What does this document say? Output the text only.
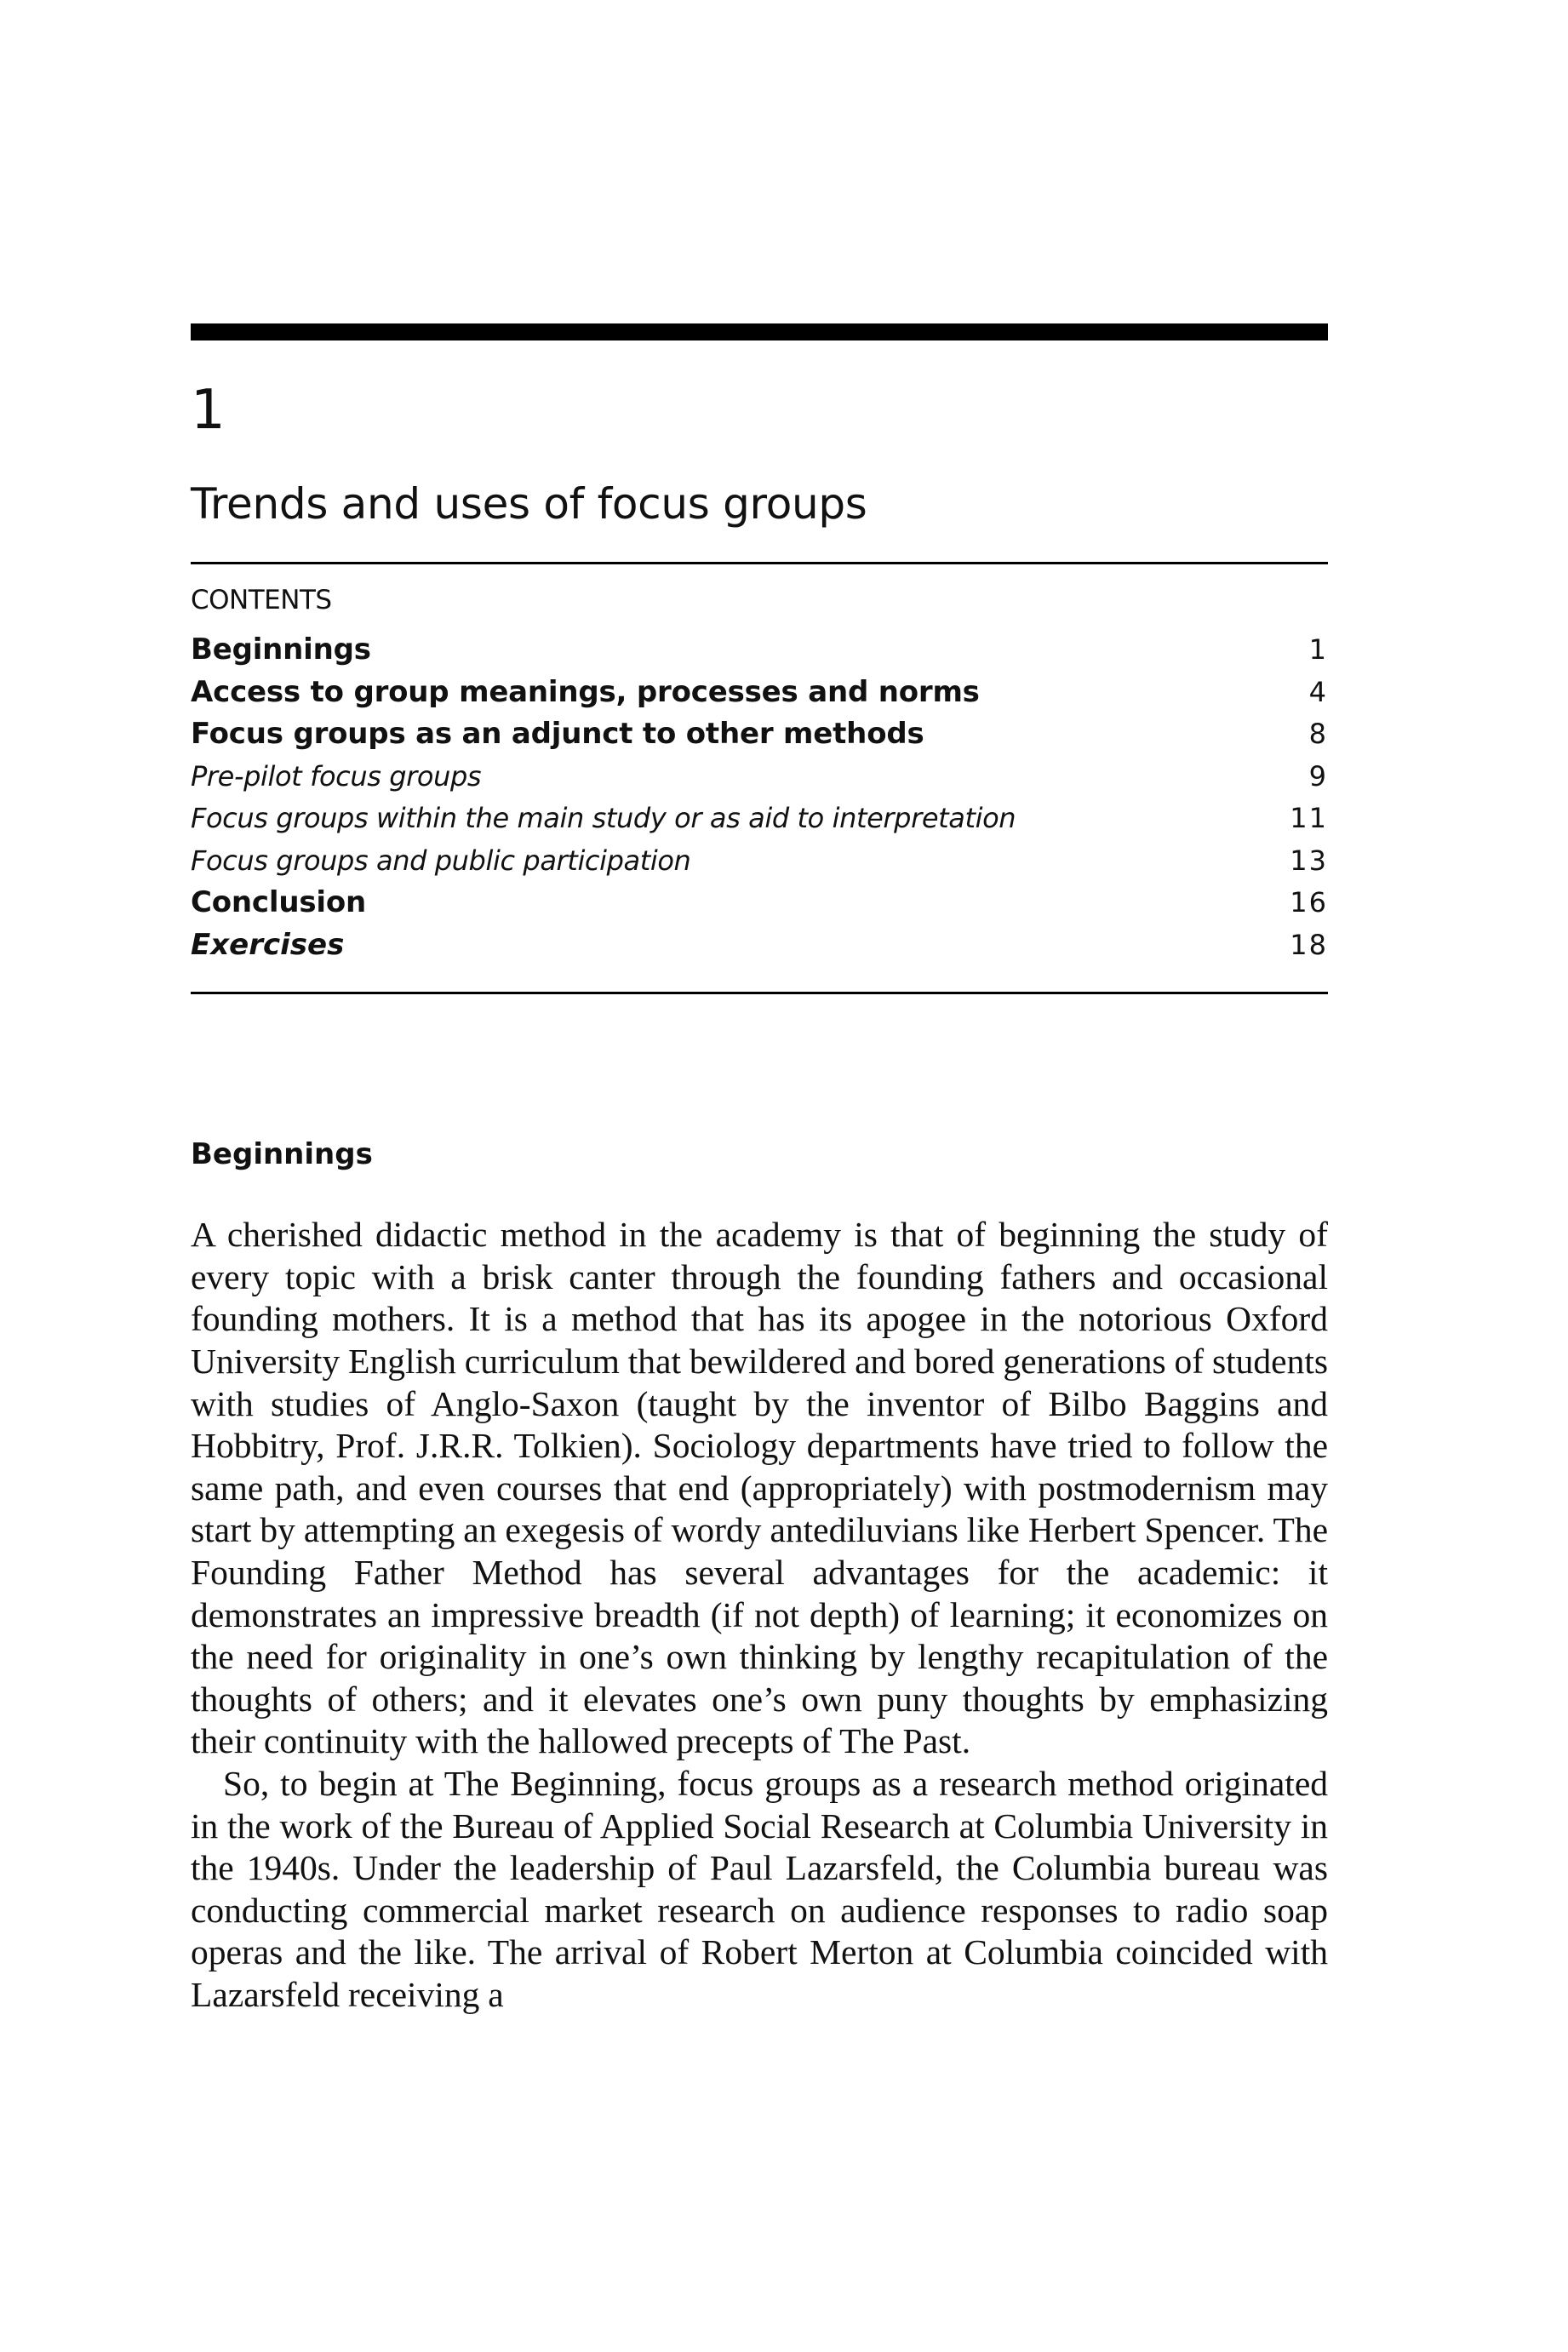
1
Trends and uses of focus groups
CONTENTS
Beginnings	1
Access to group meanings, processes and norms	4
Focus groups as an adjunct to other methods	8
Pre-pilot focus groups	9
Focus groups within the main study or as aid to interpretation	11
Focus groups and public participation	13
Conclusion	16
Exercises	18
Beginnings

A cherished didactic method in the academy is that of beginning the study of every topic with a brisk canter through the founding fathers and occasional founding mothers. It is a method that has its apogee in the notorious Oxford University English curriculum that bewildered and bored generations of students with studies of Anglo-Saxon (taught by the inventor of Bilbo Baggins and Hobbitry, Prof. J.R.R. Tolkien). Sociology departments have tried to follow the same path, and even courses that end (appropriately) with postmodernism may start by attempting an exegesis of wordy antediluvians like Herbert Spencer. The Founding Father Method has several advantages for the academic: it demonstrates an impressive breadth (if not depth) of learning; it economizes on the need for originality in one’s own thinking by lengthy recapitulation of the thoughts of others; and it elevates one’s own puny thoughts by emphasizing their continuity with the hallowed precepts of The Past.

So, to begin at The Beginning, focus groups as a research method originated in the work of the Bureau of Applied Social Research at Columbia University in the 1940s. Under the leadership of Paul Lazarsfeld, the Columbia bureau was conducting commercial market research on audience responses to radio soap operas and the like. The arrival of Robert Merton at Columbia coincided with Lazarsfeld receiving a
